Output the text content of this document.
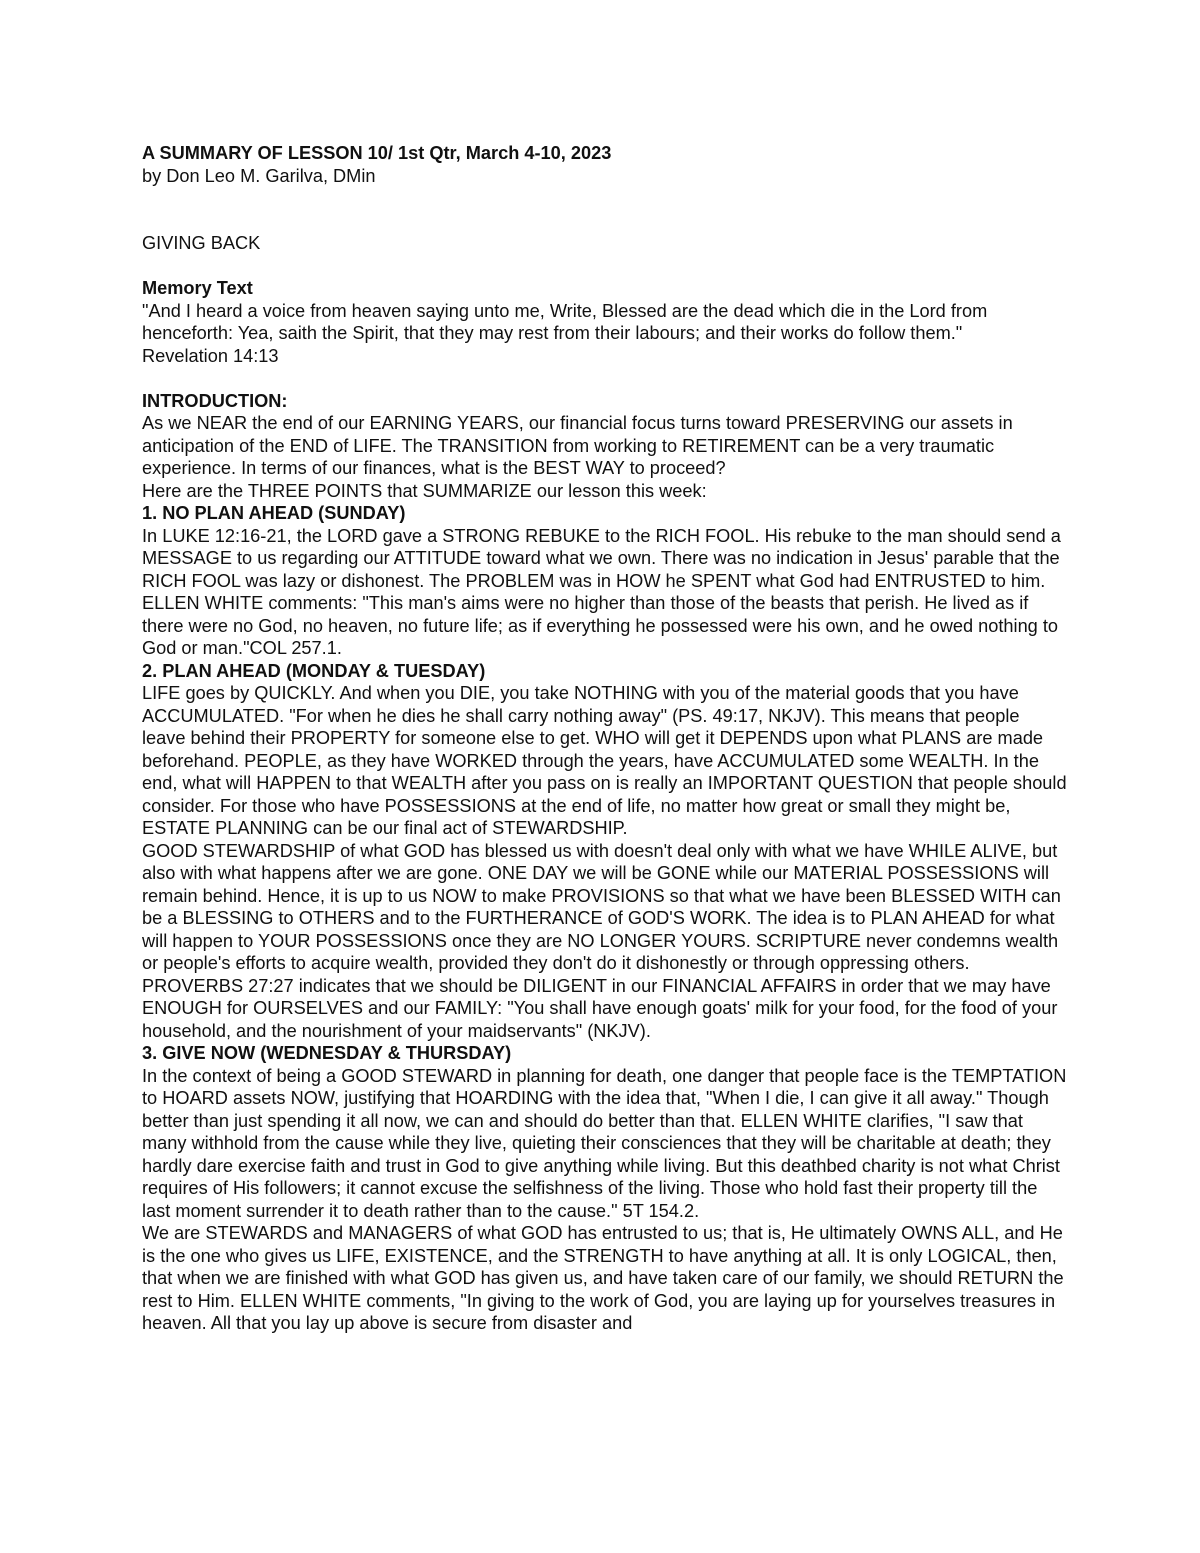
A SUMMARY OF LESSON 10/ 1st Qtr, March 4-10, 2023

by Don Leo M. Garilva, DMin

GIVING BACK

Memory Text

"And I heard a voice from heaven saying unto me, Write, Blessed are the dead which die in the Lord from henceforth: Yea, saith the Spirit, that they may rest from their labours; and their works do follow them."

Revelation 14:13

INTRODUCTION:

As we NEAR the end of our EARNING YEARS, our financial focus turns toward PRESERVING our assets in anticipation of the END of LIFE. The TRANSITION from working to RETIREMENT can be a very traumatic experience. In terms of our finances, what is the BEST WAY to proceed?

Here are the THREE POINTS that SUMMARIZE our lesson this week:

1. NO PLAN AHEAD (SUNDAY)

In LUKE 12:16-21, the LORD gave a STRONG REBUKE to the RICH FOOL. His rebuke to the man should send a MESSAGE to us regarding our ATTITUDE toward what we own. There was no indication in Jesus' parable that the RICH FOOL was lazy or dishonest. The PROBLEM was in HOW he SPENT what God had ENTRUSTED to him. ELLEN WHITE comments: "This man's aims were no higher than those of the beasts that perish. He lived as if there were no God, no heaven, no future life; as if everything he possessed were his own, and he owed nothing to God or man."COL 257.1.

2. PLAN AHEAD (MONDAY & TUESDAY)

LIFE goes by QUICKLY. And when you DIE, you take NOTHING with you of the material goods that you have ACCUMULATED. "For when he dies he shall carry nothing away" (PS. 49:17, NKJV). This means that people leave behind their PROPERTY for someone else to get. WHO will get it DEPENDS upon what PLANS are made beforehand. PEOPLE, as they have WORKED through the years, have ACCUMULATED some WEALTH. In the end, what will HAPPEN to that WEALTH after you pass on is really an IMPORTANT QUESTION that people should consider. For those who have POSSESSIONS at the end of life, no matter how great or small they might be, ESTATE PLANNING can be our final act of STEWARDSHIP.

GOOD STEWARDSHIP of what GOD has blessed us with doesn't deal only with what we have WHILE ALIVE, but also with what happens after we are gone. ONE DAY we will be GONE while our MATERIAL POSSESSIONS will remain behind. Hence, it is up to us NOW to make PROVISIONS so that what we have been BLESSED WITH can be a BLESSING to OTHERS and to the FURTHERANCE of GOD'S WORK. The idea is to PLAN AHEAD for what will happen to YOUR POSSESSIONS once they are NO LONGER YOURS. SCRIPTURE never condemns wealth or people's efforts to acquire wealth, provided they don't do it dishonestly or through oppressing others. PROVERBS 27:27 indicates that we should be DILIGENT in our FINANCIAL AFFAIRS in order that we may have ENOUGH for OURSELVES and our FAMILY: "You shall have enough goats' milk for your food, for the food of your household, and the nourishment of your maidservants" (NKJV).

3. GIVE NOW (WEDNESDAY & THURSDAY)

In the context of being a GOOD STEWARD in planning for death, one danger that people face is the TEMPTATION to HOARD assets NOW, justifying that HOARDING with the idea that, "When I die, I can give it all away." Though better than just spending it all now, we can and should do better than that. ELLEN WHITE clarifies, "I saw that many withhold from the cause while they live, quieting their consciences that they will be charitable at death; they hardly dare exercise faith and trust in God to give anything while living. But this deathbed charity is not what Christ requires of His followers; it cannot excuse the selfishness of the living. Those who hold fast their property till the last moment surrender it to death rather than to the cause." 5T 154.2.

We are STEWARDS and MANAGERS of what GOD has entrusted to us; that is, He ultimately OWNS ALL, and He is the one who gives us LIFE, EXISTENCE, and the STRENGTH to have anything at all. It is only LOGICAL, then, that when we are finished with what GOD has given us, and have taken care of our family, we should RETURN the rest to Him. ELLEN WHITE comments, "In giving to the work of God, you are laying up for yourselves treasures in heaven. All that you lay up above is secure from disaster and
